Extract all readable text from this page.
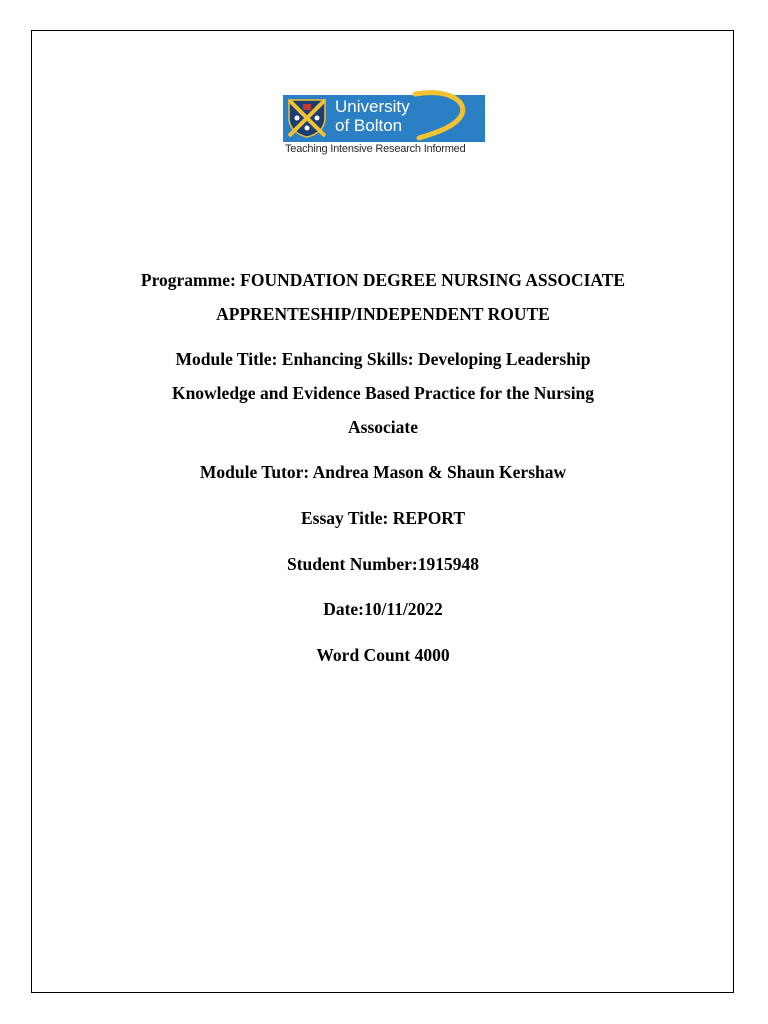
University
of Bolton
Teaching Intensive Research Informed
Programme: FOUNDATION DEGREE NURSING ASSOCIATE
APPRENTESHIP/INDEPENDENT ROUTE
Module Title: Enhancing Skills: Developing Leadership
Knowledge and Evidence Based Practice for the Nursing
Associate
Module Tutor: Andrea Mason & Shaun Kershaw
Essay Title: REPORT
Student Number:1915948
Date:10/11/2022
Word Count 4000
